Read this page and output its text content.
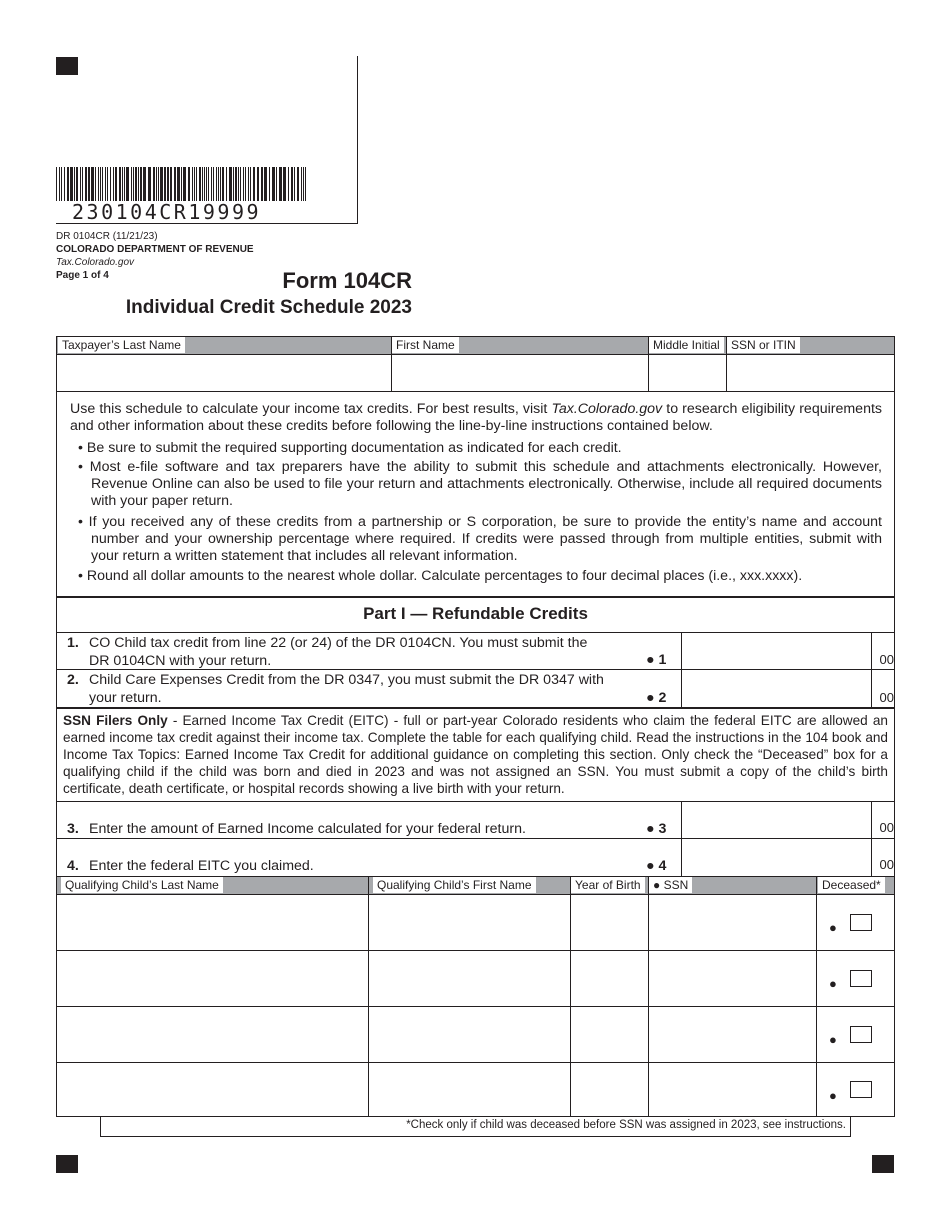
230104CR19999
DR 0104CR (11/21/23)
COLORADO DEPARTMENT OF REVENUE
Tax.Colorado.gov
Page 1 of 4	Form 104CR
Individual Credit Schedule 2023
Taxpayer’s Last Name	First Name	Middle Initial SSN or ITIN
Use this schedule to calculate your income tax credits. For best results, visit Tax.Colorado.gov to research eligibility requirements and other information about these credits before following the line-by-line instructions contained below.
• Be sure to submit the required supporting documentation as indicated for each credit.
• Most e-file software and tax preparers have the ability to submit this schedule and attachments electronically. However, Revenue Online can also be used to file your return and attachments electronically. Otherwise, include all required documents with your paper return.
• If you received any of these credits from a partnership or S corporation, be sure to provide the entity’s name and account number and your ownership percentage where required. If credits were passed through from multiple entities, submit with your return a written statement that includes all relevant information.
• Round all dollar amounts to the nearest whole dollar. Calculate percentages to four decimal places (i.e., xxx.xxxx).
Part I — Refundable Credits
1. CO Child tax credit from line 22 (or 24) of the DR 0104CN. You must submit the
DR 0104CN with your return.	● 1	00
2. Child Care Expenses Credit from the DR 0347, you must submit the DR 0347 with
your return.	● 2	00
SSN Filers Only - Earned Income Tax Credit (EITC) - full or part-year Colorado residents who claim the federal EITC are allowed an earned income tax credit against their income tax. Complete the table for each qualifying child. Read the instructions in the 104 book and Income Tax Topics: Earned Income Tax Credit for additional guidance on completing this section. Only check the “Deceased” box for a qualifying child if the child was born and died in 2023 and was not assigned an SSN. You must submit a copy of the child’s birth certificate, death certificate, or hospital records showing a live birth with your return.
3. Enter the amount of Earned Income calculated for your federal return.	● 3	00
4. Enter the federal EITC you claimed.	● 4	00
Qualifying Child’s Last Name	Qualifying Child’s First Name	Year of Birth	● SSN	Deceased*
●
●
●
●
*Check only if child was deceased before SSN was assigned in 2023, see instructions.
